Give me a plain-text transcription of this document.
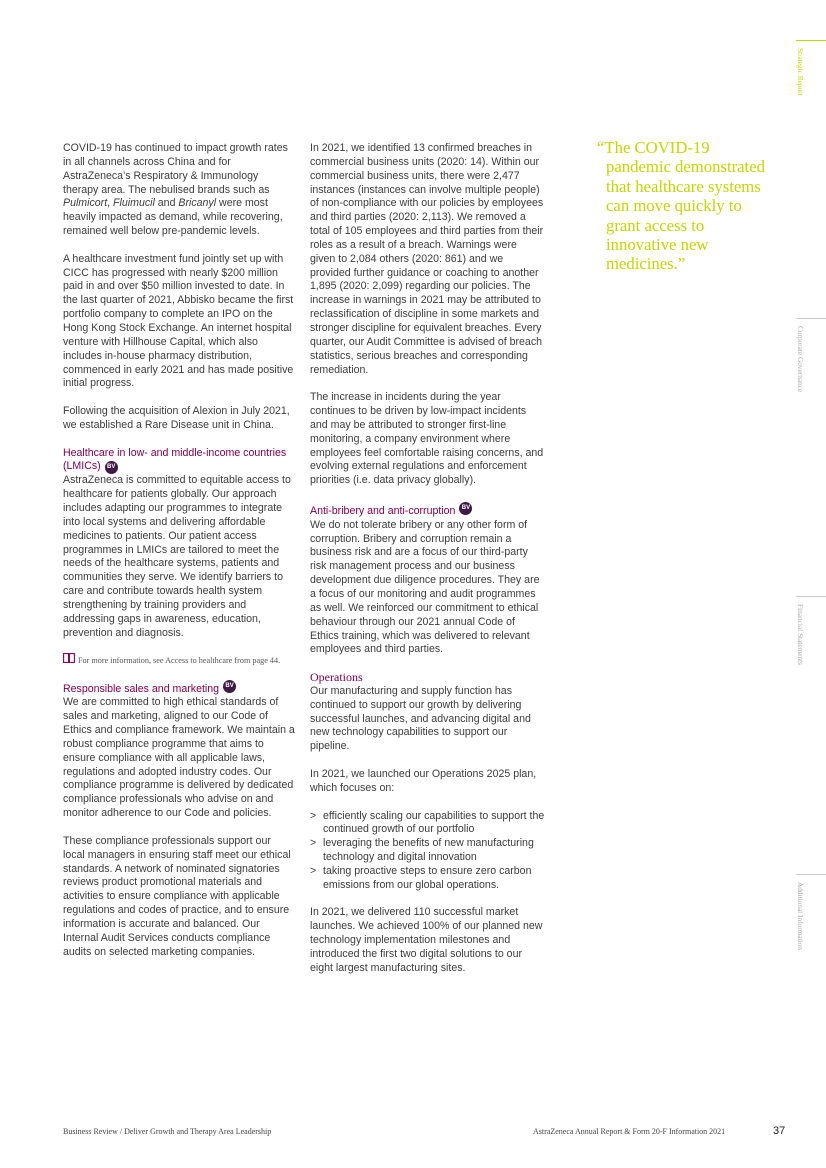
Strategic Report
Corporate Governance
Financial Statements
Additional Information

COVID-19 has continued to impact growth rates in all channels across China and for AstraZeneca’s Respiratory & Immunology therapy area. The nebulised brands such as Pulmicort, Fluimucil and Bricanyl were most heavily impacted as demand, while recovering, remained well below pre-pandemic levels.

A healthcare investment fund jointly set up with CICC has progressed with nearly $200 million paid in and over $50 million invested to date. In the last quarter of 2021, Abbisko became the first portfolio company to complete an IPO on the Hong Kong Stock Exchange. An internet hospital venture with Hillhouse Capital, which also includes in-house pharmacy distribution, commenced in early 2021 and has made positive initial progress.

Following the acquisition of Alexion in July 2021, we established a Rare Disease unit in China.

Healthcare in low- and middle-income countries (LMICs) BV

AstraZeneca is committed to equitable access to healthcare for patients globally. Our approach includes adapting our programmes to integrate into local systems and delivering affordable medicines to patients. Our patient access programmes in LMICs are tailored to meet the needs of the healthcare systems, patients and communities they serve. We identify barriers to care and contribute towards health system strengthening by training providers and addressing gaps in awareness, education, prevention and diagnosis.

For more information, see Access to healthcare from page 44.
Responsible sales and marketing BV

We are committed to high ethical standards of sales and marketing, aligned to our Code of Ethics and compliance framework. We maintain a robust compliance programme that aims to ensure compliance with all applicable laws, regulations and adopted industry codes. Our compliance programme is delivered by dedicated compliance professionals who advise on and monitor adherence to our Code and policies.

These compliance professionals support our local managers in ensuring staff meet our ethical standards. A network of nominated signatories reviews product promotional materials and activities to ensure compliance with applicable regulations and codes of practice, and to ensure information is accurate and balanced. Our Internal Audit Services conducts compliance audits on selected marketing companies.

In 2021, we identified 13 confirmed breaches in commercial business units (2020: 14). Within our commercial business units, there were 2,477 instances (instances can involve multiple people) of non-compliance with our policies by employees and third parties (2020: 2,113). We removed a total of 105 employees and third parties from their roles as a result of a breach. Warnings were given to 2,084 others (2020: 861) and we provided further guidance or coaching to another 1,895 (2020: 2,099) regarding our policies. The increase in warnings in 2021 may be attributed to reclassification of discipline in some markets and stronger discipline for equivalent breaches. Every quarter, our Audit Committee is advised of breach statistics, serious breaches and corresponding remediation.

The increase in incidents during the year continues to be driven by low-impact incidents and may be attributed to stronger first-line monitoring, a company environment where employees feel comfortable raising concerns, and evolving external regulations and enforcement priorities (i.e. data privacy globally).

Anti-bribery and anti-corruption BV

We do not tolerate bribery or any other form of corruption. Bribery and corruption remain a business risk and are a focus of our third-party risk management process and our business development due diligence procedures. They are a focus of our monitoring and audit programmes as well. We reinforced our commitment to ethical behaviour through our 2021 annual Code of Ethics training, which was delivered to relevant employees and third parties.

Operations

Our manufacturing and supply function has continued to support our growth by delivering successful launches, and advancing digital and new technology capabilities to support our pipeline.

In 2021, we launched our Operations 2025 plan, which focuses on:

> efficiently scaling our capabilities to support the continued growth of our portfolio
> leveraging the benefits of new manufacturing technology and digital innovation
> taking proactive steps to ensure zero carbon emissions from our global operations.

In 2021, we delivered 110 successful market launches. We achieved 100% of our planned new technology implementation milestones and introduced the first two digital solutions to our eight largest manufacturing sites.

“The COVID-19 pandemic demonstrated that healthcare systems can move quickly to grant access to innovative new medicines.”
Business Review / Deliver Growth and Therapy Area Leadership	AstraZeneca Annual Report & Form 20-F Information 2021	37
